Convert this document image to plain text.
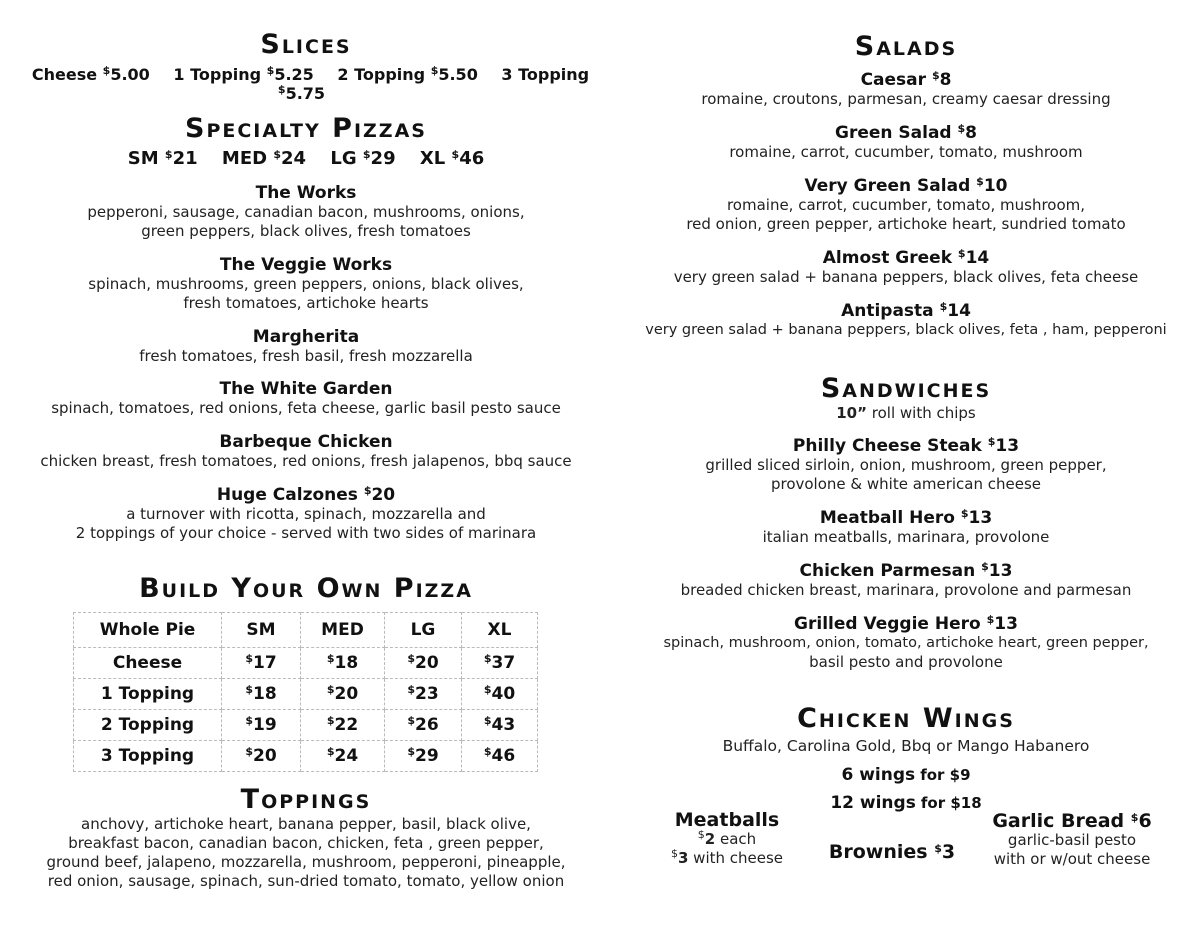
Slices
Cheese $5.00 1 Topping $5.25 2 Topping $5.50 3 Topping $5.75
Specialty Pizzas
SM $21 MED $24 LG $29 XL $46
The Works
pepperoni, sausage, canadian bacon, mushrooms, onions,
green peppers, black olives, fresh tomatoes
The Veggie Works
spinach, mushrooms, green peppers, onions, black olives,
fresh tomatoes, artichoke hearts
Margherita
fresh tomatoes, fresh basil, fresh mozzarella
The White Garden
spinach, tomatoes, red onions, feta cheese, garlic basil pesto sauce
Barbeque Chicken
chicken breast, fresh tomatoes, red onions, fresh jalapenos, bbq sauce
Huge Calzones $20
a turnover with ricotta, spinach, mozzarella and
2 toppings of your choice - served with two sides of marinara
Build Your Own Pizza
Whole Pie	SM	MED	LG	XL
Cheese	$17	$18	$20	$37
1 Topping	$18	$20	$23	$40
2 Topping	$19	$22	$26	$43
3 Topping	$20	$24	$29	$46
Toppings
anchovy, artichoke heart, banana pepper, basil, black olive,
breakfast bacon, canadian bacon, chicken, feta , green pepper,
ground beef, jalapeno, mozzarella, mushroom, pepperoni, pineapple,
red onion, sausage, spinach, sun-dried tomato, tomato, yellow onion
Salads
Caesar $8
romaine, croutons, parmesan, creamy caesar dressing
Green Salad $8
romaine, carrot, cucumber, tomato, mushroom
Very Green Salad $10
romaine, carrot, cucumber, tomato, mushroom,
red onion, green pepper, artichoke heart, sundried tomato
Almost Greek $14
very green salad + banana peppers, black olives, feta cheese
Antipasta $14
very green salad + banana peppers, black olives, feta , ham, pepperoni
Sandwiches
10” roll with chips
Philly Cheese Steak $13
grilled sliced sirloin, onion, mushroom, green pepper,
provolone & white american cheese
Meatball Hero $13
italian meatballs, marinara, provolone
Chicken Parmesan $13
breaded chicken breast, marinara, provolone and parmesan
Grilled Veggie Hero $13
spinach, mushroom, onion, tomato, artichoke heart, green pepper,
basil pesto and provolone
Chicken Wings
Buffalo, Carolina Gold, Bbq or Mango Habanero
6 wings for $9
12 wings for $18
Meatballs
$2 each
$3 with cheese	Brownies $3
Garlic Bread $6
garlic-basil pesto
with or w/out cheese
